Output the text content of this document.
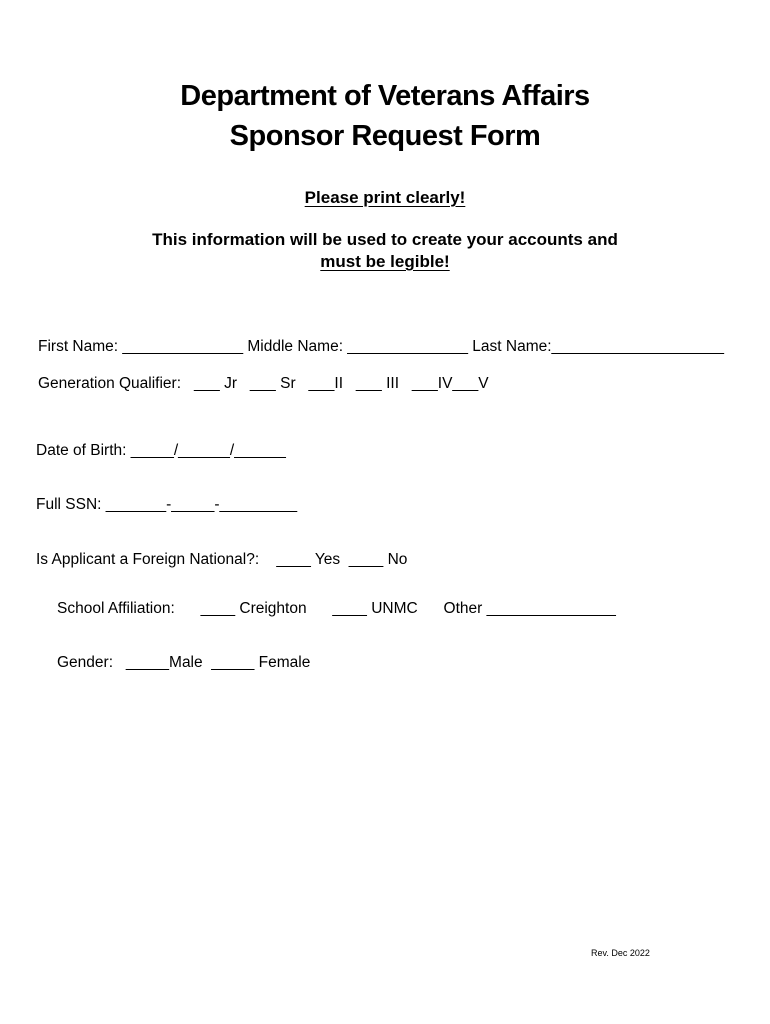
Department of Veterans Affairs
Sponsor Request Form
Please print clearly!
This information will be used to create your accounts and
must be legible!
First Name: ______________ Middle Name: ______________ Last Name:____________________
Generation Qualifier:   ___ Jr   ___ Sr   ___II   ___ III   ___IV___V
Date of Birth: _____/______/______
Full SSN: _______-_____-_________
Is Applicant a Foreign National?:    ____ Yes  ____ No
School Affiliation:      ____ Creighton      ____ UNMC      Other _______________
Gender:   _____Male  _____ Female
Rev. Dec 2022
